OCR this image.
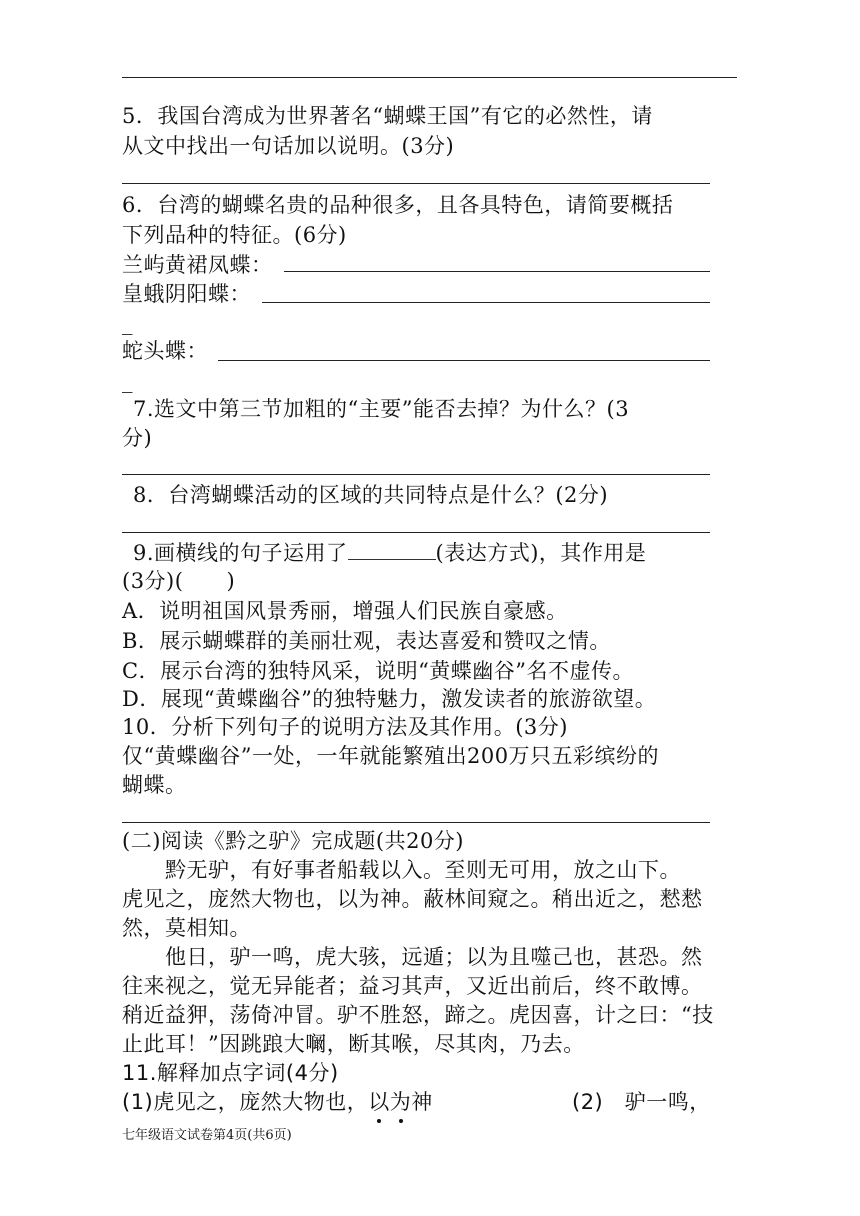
5．我国台湾成为世界著名“蝴蝶王国”有它的必然性，请
从文中找出一句话加以说明。(3分)
6．台湾的蝴蝶名贵的品种很多，且各具特色，请简要概括
下列品种的特征。(6分)
兰屿黄裙凤蝶：
皇蛾阴阳蝶：
_
蛇头蝶：
_
7.选文中第三节加粗的“主要”能否去掉？为什么？(3
分)
8．台湾蝴蝶活动的区域的共同特点是什么？(2分)
9.画横线的句子运用了	(表达方式)，其作用是
(3分)(　　)
A．说明祖国风景秀丽，增强人们民族自豪感。
B．展示蝴蝶群的美丽壮观，表达喜爱和赞叹之情。
C．展示台湾的独特风采，说明“黄蝶幽谷”名不虚传。
D．展现“黄蝶幽谷”的独特魅力，激发读者的旅游欲望。
10．分析下列句子的说明方法及其作用。(3分)
仅“黄蝶幽谷”一处，一年就能繁殖出200万只五彩缤纷的
蝴蝶。
(二)阅读《黔之驴》完成题(共20分)
　　黔无驴，有好事者船载以入。至则无可用，放之山下。
虎见之，庞然大物也，以为神。蔽林间窥之。稍出近之，慭慭
然，莫相知。
　　他日，驴一鸣，虎大骇，远遁；以为且噬己也，甚恐。然
往来视之，觉无异能者；益习其声，又近出前后，终不敢博。
稍近益狎，荡倚冲冒。驴不胜怒，蹄之。虎因喜，计之曰：“技
止此耳！”因跳踉大㘎，断其喉，尽其肉，乃去。
11.解释加点字词(4分)
(1)虎见之，庞然大物也，以
为
神	(2)　驴一鸣，
七年级语文试卷第4页(共6页)
